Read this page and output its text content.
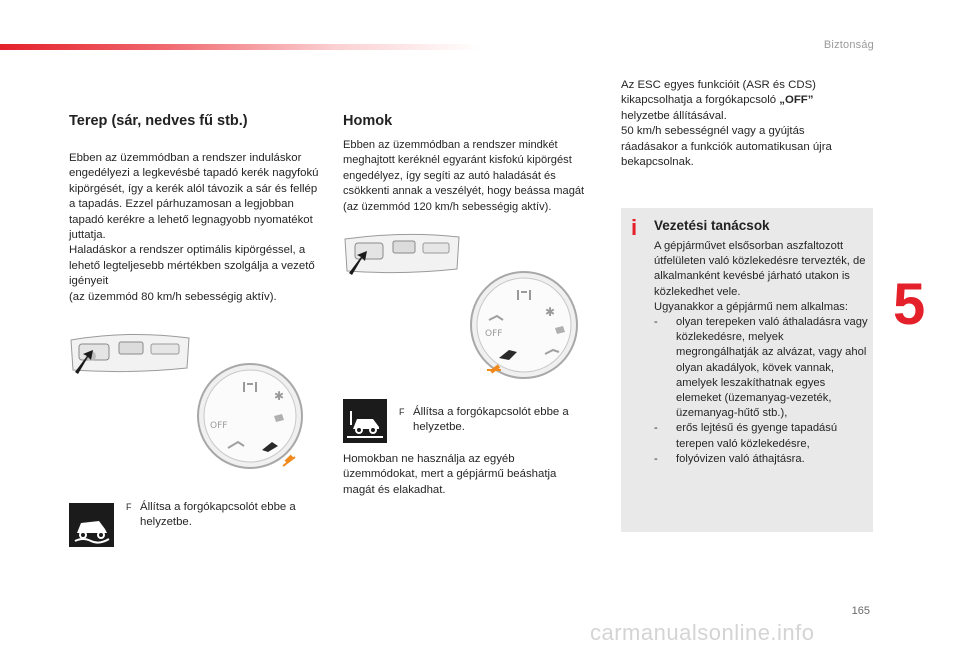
Biztonság
5
Terep (sár, nedves fű stb.)

Ebben az üzemmódban a rendszer induláskor engedélyezi a legkevésbé tapadó kerék nagyfokú kipörgését, így a kerék alól távozik a sár és fellép a tapadás. Ezzel párhuzamosan a legjobban tapadó kerékre a lehető legnagyobb nyomatékot juttatja.

Haladáskor a rendszer optimális kipörgéssel, a lehető legteljesebb mértékben szolgálja a vezető igényeit

(az üzemmód 80 km/h sebességig aktív).

✱
OFF
F Állítsa a forgókapcsolót ebbe a helyzetbe.
Homok
Ebben az üzemmódban a rendszer mindkét meghajtott keréknél egyaránt kisfokú kipörgést engedélyez, így segíti az autó haladását és csökkenti annak a veszélyét, hogy beássa magát (az üzemmód 120 km/h sebességig aktív).
✱
OFF
F Állítsa a forgókapcsolót ebbe a helyzetbe.
Homokban ne használja az egyéb üzemmódokat, mert a gépjármű beáshatja magát és elakadhat.

Az ESC egyes funkcióit (ASR és CDS) kikapcsolhatja a forgókapcsoló „OFF” helyzetbe állításával.

50 km/h sebességnél vagy a gyújtás ráadásakor a funkciók automatikusan újra bekapcsolnak.

i Vezetési tanácsok

A gépjárművet elsősorban aszfaltozott útfelületen való közlekedésre tervezték, de alkalmanként kevésbé járható utakon is közlekedhet vele.

Ugyanakkor a gépjármű nem alkalmas:

- olyan terepeken való áthaladásra vagy közlekedésre, melyek megrongálhatják az alvázat, vagy ahol olyan akadályok, kövek vannak, amelyek leszakíthatnak egyes elemeket (üzemanyag-vezeték, üzemanyag-hűtő stb.),
- erős lejtésű és gyenge tapadású terepen való közlekedésre,
- folyóvizen való áthajtásra.
165
carmanualsonline.info
